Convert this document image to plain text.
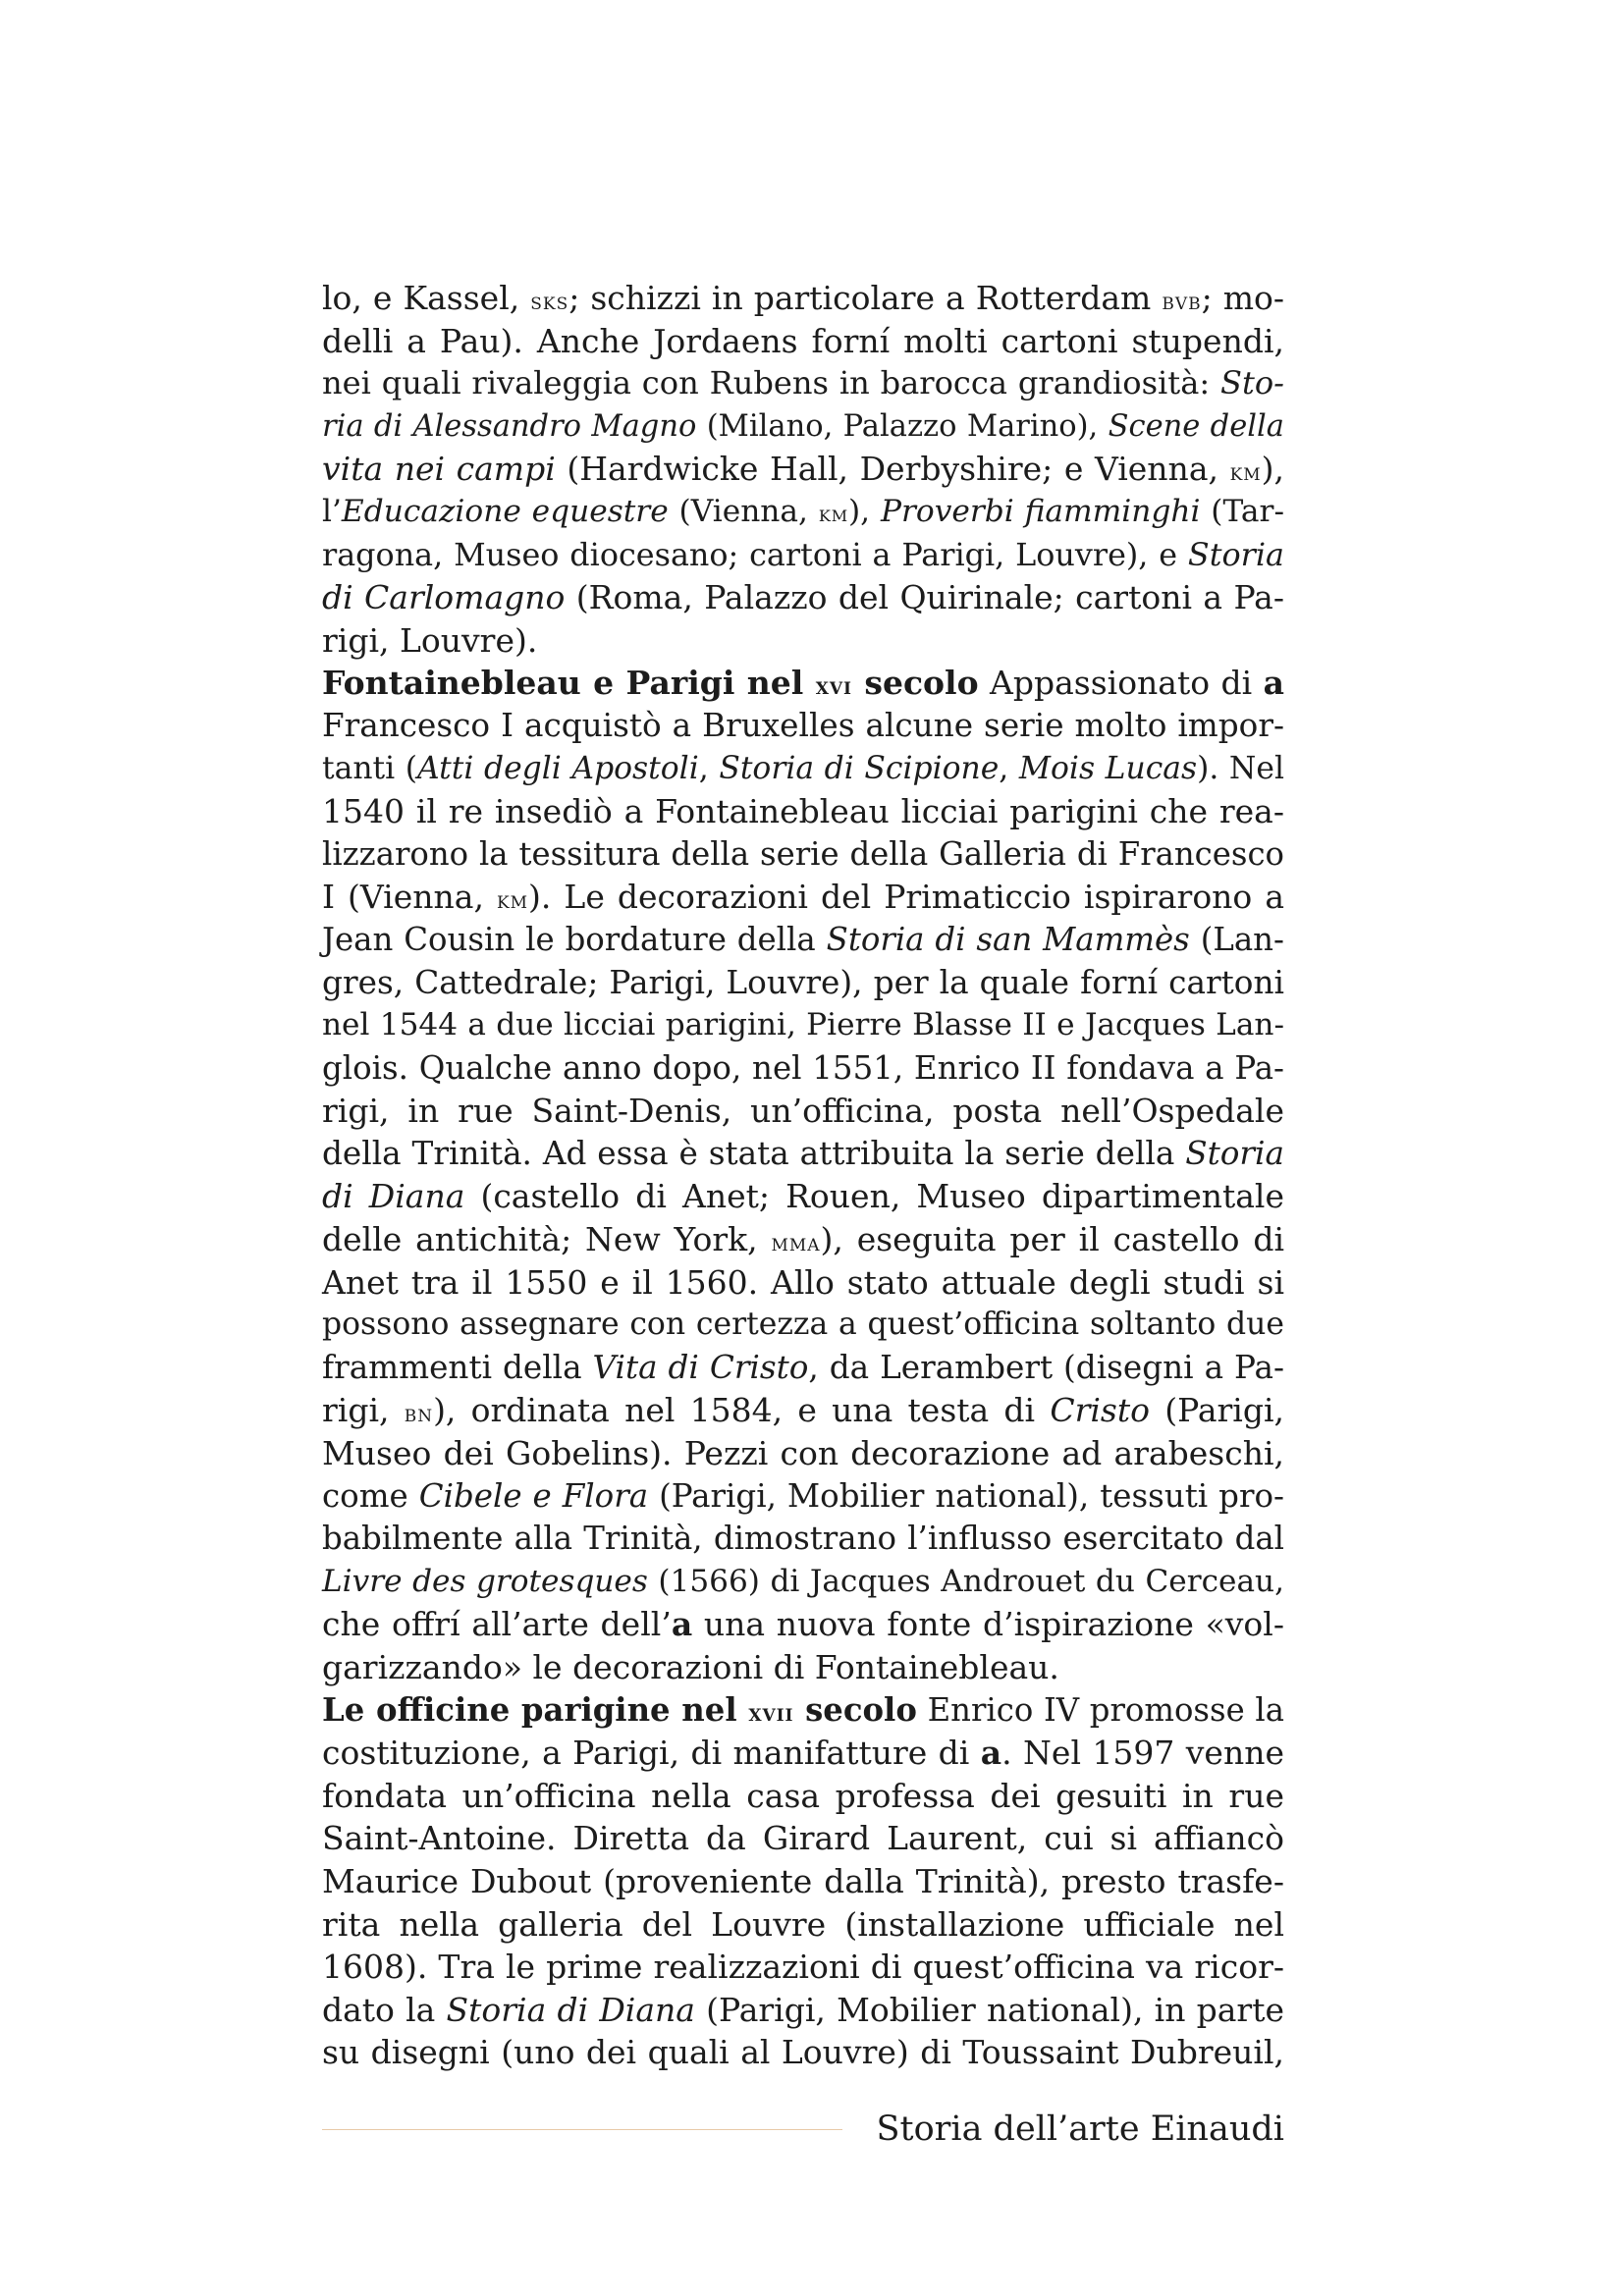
lo, e Kassel, sks; schizzi in particolare a Rotterdam bvb; mo-
delli a Pau). Anche Jordaens forní molti cartoni stupendi,
nei quali rivaleggia con Rubens in barocca grandiosità: Sto-
ria di Alessandro Magno (Milano, Palazzo Marino), Scene della
vita nei campi (Hardwicke Hall, Derbyshire; e Vienna, km),
l’Educazione equestre (Vienna, km), Proverbi fiamminghi (Tar-
ragona, Museo diocesano; cartoni a Parigi, Louvre), e Storia
di Carlomagno (Roma, Palazzo del Quirinale; cartoni a Pa-
rigi, Louvre).
Fontainebleau e Parigi nel xvi secolo Appassionato di a
Francesco I acquistò a Bruxelles alcune serie molto impor-
tanti (Atti degli Apostoli, Storia di Scipione, Mois Lucas). Nel
1540 il re insediò a Fontainebleau licciai parigini che rea-
lizzarono la tessitura della serie della Galleria di Francesco
I (Vienna, km). Le decorazioni del Primaticcio ispirarono a
Jean Cousin le bordature della Storia di san Mammès (Lan-
gres, Cattedrale; Parigi, Louvre), per la quale forní cartoni
nel 1544 a due licciai parigini, Pierre Blasse II e Jacques Lan-
glois. Qualche anno dopo, nel 1551, Enrico II fondava a Pa-
rigi, in rue Saint-Denis, un’officina, posta nell’Ospedale
della Trinità. Ad essa è stata attribuita la serie della Storia
di Diana (castello di Anet; Rouen, Museo dipartimentale
delle antichità; New York, mma), eseguita per il castello di
Anet tra il 1550 e il 1560. Allo stato attuale degli studi si
possono assegnare con certezza a quest’officina soltanto due
frammenti della Vita di Cristo, da Lerambert (disegni a Pa-
rigi, bn), ordinata nel 1584, e una testa di Cristo (Parigi,
Museo dei Gobelins). Pezzi con decorazione ad arabeschi,
come Cibele e Flora (Parigi, Mobilier national), tessuti pro-
babilmente alla Trinità, dimostrano l’influsso esercitato dal
Livre des grotesques (1566) di Jacques Androuet du Cerceau,
che offrí all’arte dell’a una nuova fonte d’ispirazione «vol-
garizzando» le decorazioni di Fontainebleau.
Le officine parigine nel xvii secolo Enrico IV promosse la
costituzione, a Parigi, di manifatture di a. Nel 1597 venne
fondata un’officina nella casa professa dei gesuiti in rue
Saint-Antoine. Diretta da Girard Laurent, cui si affiancò
Maurice Dubout (proveniente dalla Trinità), presto trasfe-
rita nella galleria del Louvre (installazione ufficiale nel
1608). Tra le prime realizzazioni di quest’officina va ricor-
dato la Storia di Diana (Parigi, Mobilier national), in parte
su disegni (uno dei quali al Louvre) di Toussaint Dubreuil,
Storia dell’arte Einaudi
